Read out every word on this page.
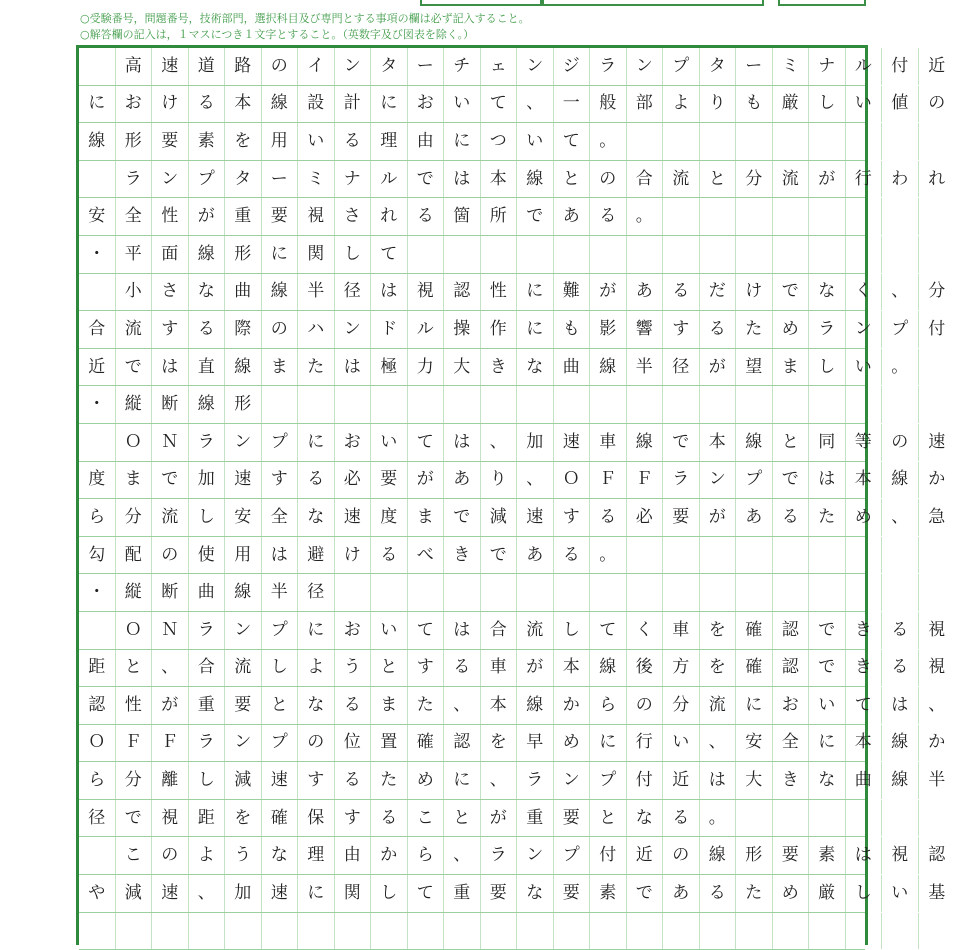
○受験番号，問題番号，技術部門，選択科目及び専門とする事項の欄は必ず記入すること。
○解答欄の記入は，１マスにつき１文字とすること。（英数字及び図表を除く。）
高	速	道	路	の	イ	ン	タ	ー	チ	ェ	ン	ジ	ラ	ン	プ	タ	ー	ミ	ナ	ル	付	近
に	お	け	る	本	線	設	計	に	お	い	て	、	一	般	部	よ	り	も	厳	し	い	値	の
線	形	要	素	を	用	い	る	理	由	に	つ	い	て	。
ラ	ン	プ	タ	ー	ミ	ナ	ル	で	は	本	線	と	の	合	流	と	分	流	が	行	わ	れ
安	全	性	が	重	要	視	さ	れ	る	箇	所	で	あ	る	。
・	平	面	線	形	に	関	し	て
小	さ	な	曲	線	半	径	は	視	認	性	に	難	が	あ	る	だ	け	で	な	く	、	分
合	流	す	る	際	の	ハ	ン	ド	ル	操	作	に	も	影	響	す	る	た	め	ラ	ン	プ	付
近	で	は	直	線	ま	た	は	極	力	大	き	な	曲	線	半	径	が	望	ま	し	い	。
・	縦	断	線	形
Ｏ	Ｎ	ラ	ン	プ	に	お	い	て	は	、	加	速	車	線	で	本	線	と	同	等	の	速
度	ま	で	加	速	す	る	必	要	が	あ	り	、	Ｏ	Ｆ	Ｆ	ラ	ン	プ	で	は	本	線	か
ら	分	流	し	安	全	な	速	度	ま	で	減	速	す	る	必	要	が	あ	る	た	め	、	急
勾	配	の	使	用	は	避	け	る	べ	き	で	あ	る	。
・	縦	断	曲	線	半	径
Ｏ	Ｎ	ラ	ン	プ	に	お	い	て	は	合	流	し	て	く	車	を	確	認	で	き	る	視
距	と	、	合	流	し	よ	う	と	す	る	車	が	本	線	後	方	を	確	認	で	き	る	視
認	性	が	重	要	と	な	る	ま	た	、	本	線	か	ら	の	分	流	に	お	い	て	は	、
Ｏ	Ｆ	Ｆ	ラ	ン	プ	の	位	置	確	認	を	早	め	に	行	い	、	安	全	に	本	線	か
ら	分	離	し	減	速	す	る	た	め	に	、	ラ	ン	プ	付	近	は	大	き	な	曲	線	半
径	で	視	距	を	確	保	す	る	こ	と	が	重	要	と	な	る	。
こ	の	よ	う	な	理	由	か	ら	、	ラ	ン	プ	付	近	の	線	形	要	素	は	視	認
や	減	速	、	加	速	に	関	し	て	重	要	な	要	素	で	あ	る	た	め	厳	し	い	基
